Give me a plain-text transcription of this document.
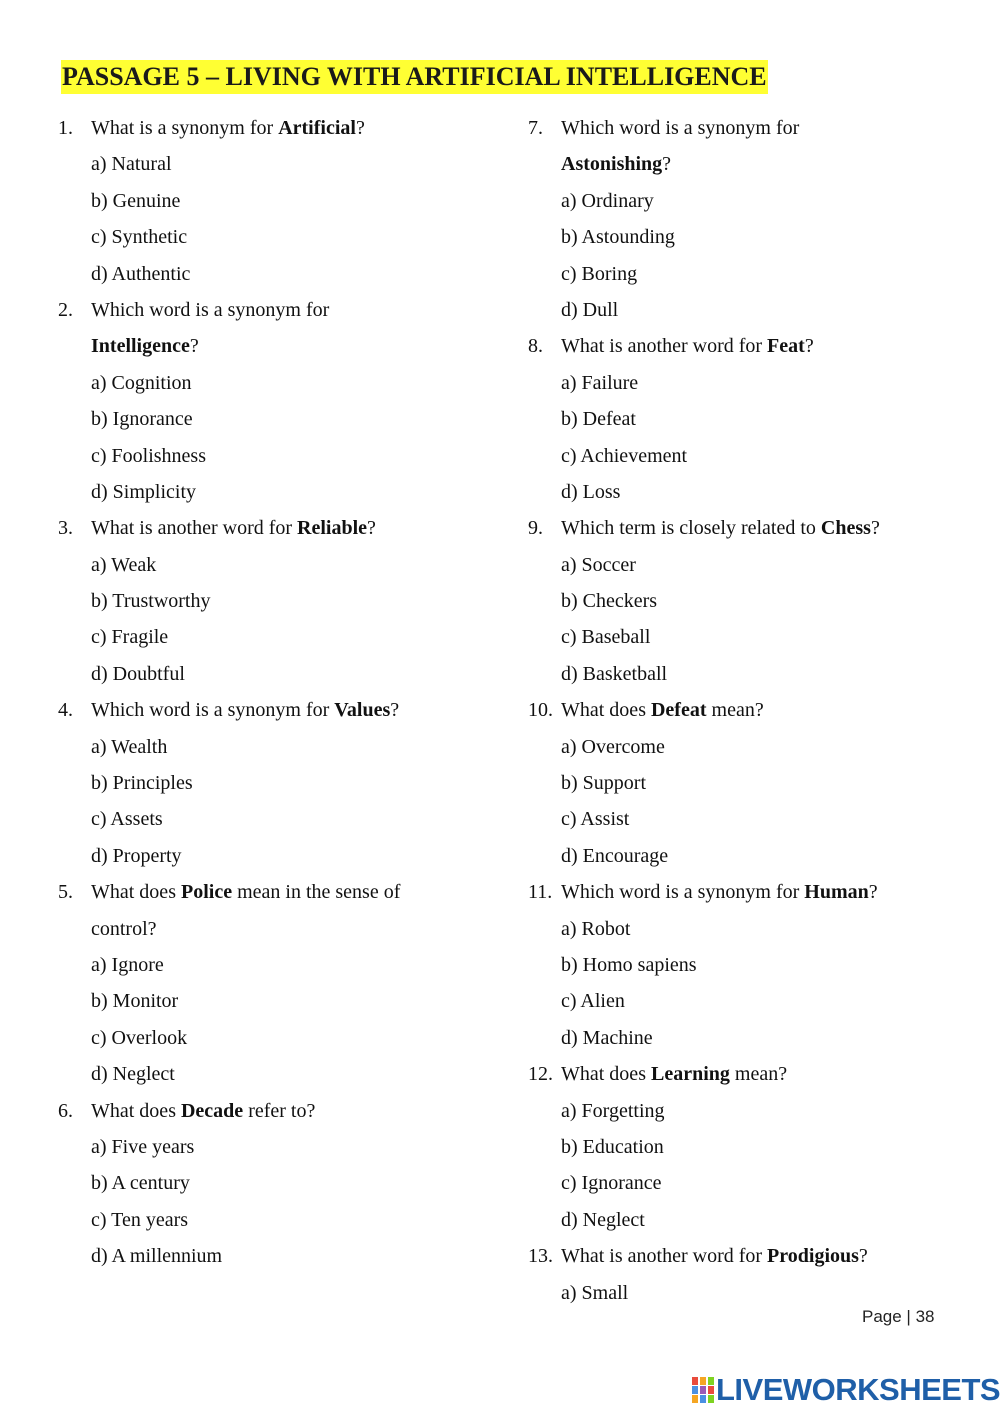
PASSAGE 5 – LIVING WITH ARTIFICIAL INTELLIGENCE
1. What is a synonym for Artificial?
a) Natural
b) Genuine
c) Synthetic
d) Authentic
2. Which word is a synonym for
Intelligence?
a) Cognition
b) Ignorance
c) Foolishness
d) Simplicity
3. What is another word for Reliable?
a) Weak
b) Trustworthy
c) Fragile
d) Doubtful
4. Which word is a synonym for Values?
a) Wealth
b) Principles
c) Assets
d) Property
5. What does Police mean in the sense of
control?
a) Ignore
b) Monitor
c) Overlook
d) Neglect
6. What does Decade refer to?
a) Five years
b) A century
c) Ten years
d) A millennium
7. Which word is a synonym for
Astonishing?
a) Ordinary
b) Astounding
c) Boring
d) Dull
8. What is another word for Feat?
a) Failure
b) Defeat
c) Achievement
d) Loss
9. Which term is closely related to Chess?
a) Soccer
b) Checkers
c) Baseball
d) Basketball
10. What does Defeat mean?
a) Overcome
b) Support
c) Assist
d) Encourage
11. Which word is a synonym for Human?
a) Robot
b) Homo sapiens
c) Alien
d) Machine
12. What does Learning mean?
a) Forgetting
b) Education
c) Ignorance
d) Neglect
13. What is another word for Prodigious?
a) Small
Page | 38
LIVEWORKSHEETS
